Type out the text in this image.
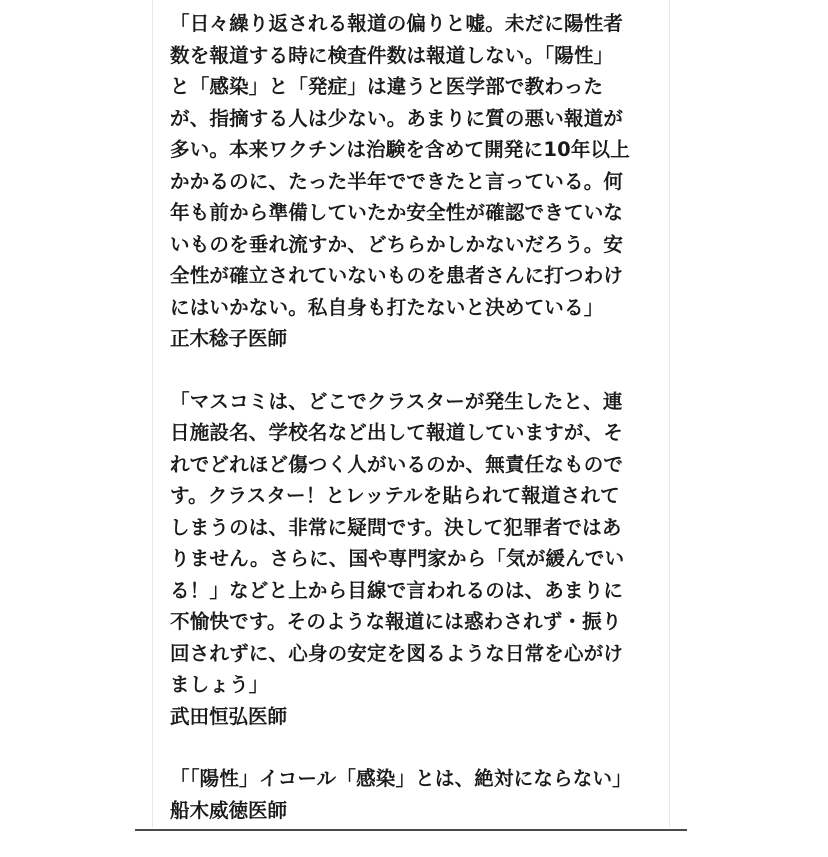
「日々繰り返される報道の偏りと嘘。未だに陽性者
数を報道する時に検査件数は報道しない。「陽性」
と「感染」と「発症」は違うと医学部で教わった
が、指摘する人は少ない。あまりに質の悪い報道が
多い。本来ワクチンは治験を含めて開発に10年以上
かかるのに、たった半年でできたと言っている。何
年も前から準備していたか安全性が確認できていな
いものを垂れ流すか、どちらかしかないだろう。安
全性が確立されていないものを患者さんに打つわけ
にはいかない。私自身も打たないと決めている」

正木稔子医師

「マスコミは、どこでクラスターが発生したと、連
日施設名、学校名など出して報道していますが、そ
れでどれほど傷つく人がいるのか、無責任なもので
す。クラスター！とレッテルを貼られて報道されて
しまうのは、非常に疑問です。決して犯罪者ではあ
りません。さらに、国や専門家から「気が緩んでい
る！」などと上から目線で言われるのは、あまりに
不愉快です。そのような報道には惑わされず・振り
回されずに、心身の安定を図るような日常を心がけ
ましょう」

武田恒弘医師

「「陽性」イコール「感染」とは、絶対にならない」

船木威徳医師
